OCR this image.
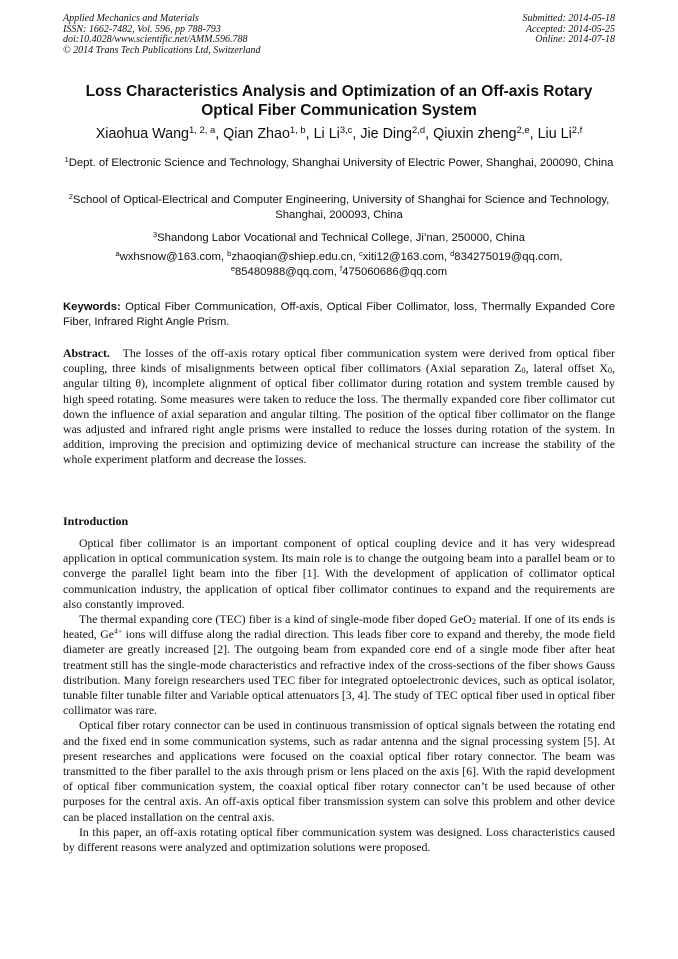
Applied Mechanics and Materials
ISSN: 1662-7482, Vol. 596, pp 788-793
doi:10.4028/www.scientific.net/AMM.596.788
© 2014 Trans Tech Publications Ltd, Switzerland
Submitted: 2014-05-18
Accepted: 2014-05-25
Online: 2014-07-18
Loss Characteristics Analysis and Optimization of an Off-axis Rotary
Optical Fiber Communication System
Xiaohua Wang$^{1, 2, a}$, Qian Zhao$^{1, b}$, Li Li$^{3,c}$, Jie Ding$^{2,d}$, Qiuxin zheng$^{2,e}$, Liu Li$^{2,f}$
$^1$Dept. of Electronic Science and Technology, Shanghai University of Electric Power, Shanghai, 200090, China
$^2$School of Optical-Electrical and Computer Engineering, University of Shanghai for Science and Technology, Shanghai, 200093, China
$^3$Shandong Labor Vocational and Technical College, Ji’nan, 250000, China
$^a$wxhsnow@163.com, $^b$zhaoqian@shiep.edu.cn, $^c$xiti12@163.com, $^d$834275019@qq.com,
$^e$85480988@qq.com, $^f$475060686@qq.com
Keywords: Optical Fiber Communication, Off-axis, Optical Fiber Collimator, loss, Thermally Expanded Core Fiber, Infrared Right Angle Prism.
Abstract. The losses of the off-axis rotary optical fiber communication system were derived from optical fiber coupling, three kinds of misalignments between optical fiber collimators (Axial separation $Z_0$, lateral offset $X_0$, angular tilting θ), incomplete alignment of optical fiber collimator during rotation and system tremble caused by high speed rotating. Some measures were taken to reduce the loss. The thermally expanded core fiber collimator cut down the influence of axial separation and angular tilting. The position of the optical fiber collimator on the flange was adjusted and infrared right angle prisms were installed to reduce the losses during rotation of the system. In addition, improving the precision and optimizing device of mechanical structure can increase the stability of the whole experiment platform and decrease the losses.
Introduction

Optical fiber collimator is an important component of optical coupling device and it has very widespread application in optical communication system. Its main role is to change the outgoing beam into a parallel beam or to converge the parallel light beam into the fiber [1]. With the development of application of collimator optical communication industry, the application of optical fiber collimator continues to expand and the requirements are also constantly improved.

The thermal expanding core (TEC) fiber is a kind of single-mode fiber doped GeO$_2$ material. If one of its ends is heated, $Ge^{4+}$ ions will diffuse along the radial direction. This leads fiber core to expand and thereby, the mode field diameter are greatly increased [2]. The outgoing beam from expanded core end of a single mode fiber after heat treatment still has the single-mode characteristics and refractive index of the cross-sections of the fiber shows Gauss distribution. Many foreign researchers used TEC fiber for integrated optoelectronic devices, such as optical isolator, tunable filter tunable filter and Variable optical attenuators [3, 4]. The study of TEC optical fiber used in optical fiber collimator was rare.

Optical fiber rotary connector can be used in continuous transmission of optical signals between the rotating end and the fixed end in some communication systems, such as radar antenna and the signal processing system [5]. At present researches and applications were focused on the coaxial optical fiber rotary connector. The beam was transmitted to the fiber parallel to the axis through prism or lens placed on the axis [6]. With the rapid development of optical fiber communication system, the coaxial optical fiber rotary connector can’t be used because of other purposes for the central axis. An off-axis optical fiber transmission system can solve this problem and other device can be placed installation on the central axis.

In this paper, an off-axis rotating optical fiber communication system was designed. Loss characteristics caused by different reasons were analyzed and optimization solutions were proposed.
